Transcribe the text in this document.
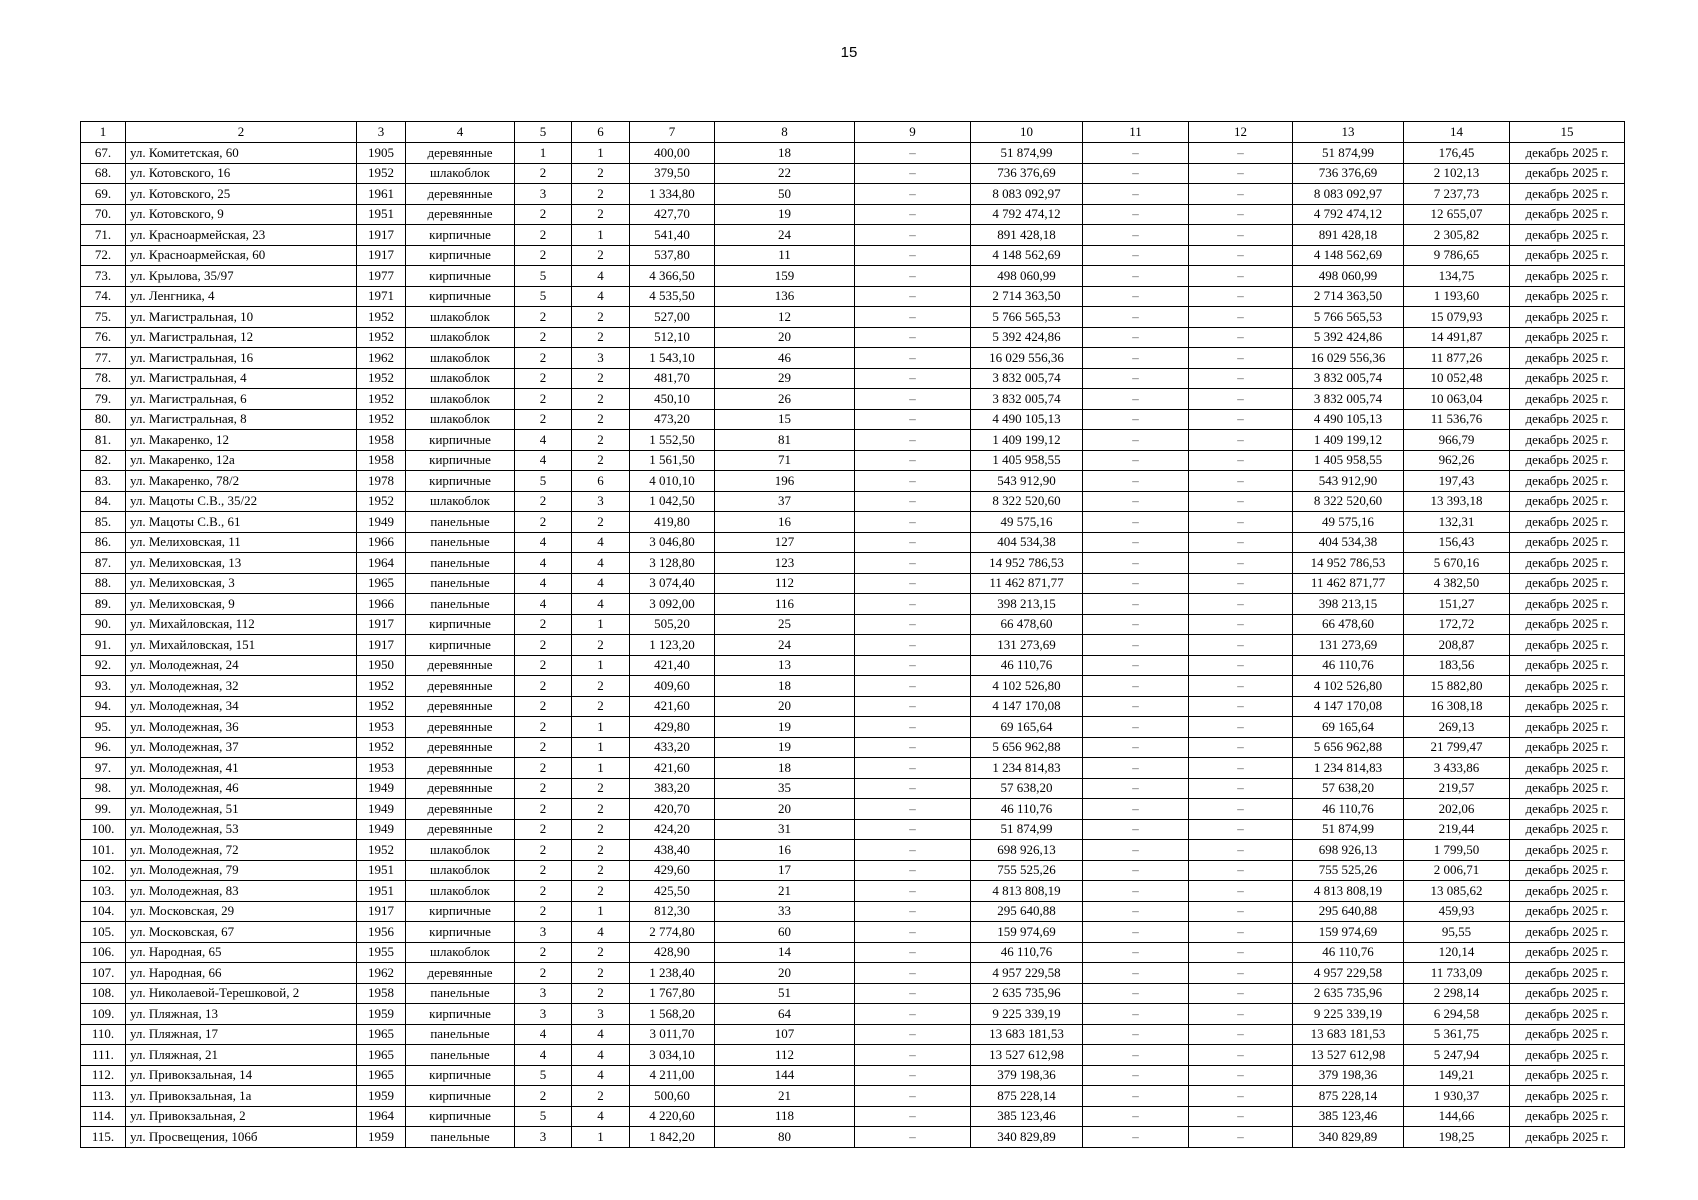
15
1	2	3	4	5	6	7	8	9	10	11	12	13	14	15
67.	ул. Комитетская, 60	1905	деревянные	1	1	400,00	18	–	51 874,99	–	–	51 874,99	176,45	декабрь 2025 г.
68.	ул. Котовского, 16	1952	шлакоблок	2	2	379,50	22	–	736 376,69	–	–	736 376,69	2 102,13	декабрь 2025 г.
69.	ул. Котовского, 25	1961	деревянные	3	2	1 334,80	50	–	8 083 092,97	–	–	8 083 092,97	7 237,73	декабрь 2025 г.
70.	ул. Котовского, 9	1951	деревянные	2	2	427,70	19	–	4 792 474,12	–	–	4 792 474,12	12 655,07	декабрь 2025 г.
71.	ул. Красноармейская, 23	1917	кирпичные	2	1	541,40	24	–	891 428,18	–	–	891 428,18	2 305,82	декабрь 2025 г.
72.	ул. Красноармейская, 60	1917	кирпичные	2	2	537,80	11	–	4 148 562,69	–	–	4 148 562,69	9 786,65	декабрь 2025 г.
73.	ул. Крылова, 35/97	1977	кирпичные	5	4	4 366,50	159	–	498 060,99	–	–	498 060,99	134,75	декабрь 2025 г.
74.	ул. Ленгника, 4	1971	кирпичные	5	4	4 535,50	136	–	2 714 363,50	–	–	2 714 363,50	1 193,60	декабрь 2025 г.
75.	ул. Магистральная, 10	1952	шлакоблок	2	2	527,00	12	–	5 766 565,53	–	–	5 766 565,53	15 079,93	декабрь 2025 г.
76.	ул. Магистральная, 12	1952	шлакоблок	2	2	512,10	20	–	5 392 424,86	–	–	5 392 424,86	14 491,87	декабрь 2025 г.
77.	ул. Магистральная, 16	1962	шлакоблок	2	3	1 543,10	46	–	16 029 556,36	–	–	16 029 556,36	11 877,26	декабрь 2025 г.
78.	ул. Магистральная, 4	1952	шлакоблок	2	2	481,70	29	–	3 832 005,74	–	–	3 832 005,74	10 052,48	декабрь 2025 г.
79.	ул. Магистральная, 6	1952	шлакоблок	2	2	450,10	26	–	3 832 005,74	–	–	3 832 005,74	10 063,04	декабрь 2025 г.
80.	ул. Магистральная, 8	1952	шлакоблок	2	2	473,20	15	–	4 490 105,13	–	–	4 490 105,13	11 536,76	декабрь 2025 г.
81.	ул. Макаренко, 12	1958	кирпичные	4	2	1 552,50	81	–	1 409 199,12	–	–	1 409 199,12	966,79	декабрь 2025 г.
82.	ул. Макаренко, 12а	1958	кирпичные	4	2	1 561,50	71	–	1 405 958,55	–	–	1 405 958,55	962,26	декабрь 2025 г.
83.	ул. Макаренко, 78/2	1978	кирпичные	5	6	4 010,10	196	–	543 912,90	–	–	543 912,90	197,43	декабрь 2025 г.
84.	ул. Мацоты С.В., 35/22	1952	шлакоблок	2	3	1 042,50	37	–	8 322 520,60	–	–	8 322 520,60	13 393,18	декабрь 2025 г.
85.	ул. Мацоты С.В., 61	1949	панельные	2	2	419,80	16	–	49 575,16	–	–	49 575,16	132,31	декабрь 2025 г.
86.	ул. Мелиховская, 11	1966	панельные	4	4	3 046,80	127	–	404 534,38	–	–	404 534,38	156,43	декабрь 2025 г.
87.	ул. Мелиховская, 13	1964	панельные	4	4	3 128,80	123	–	14 952 786,53	–	–	14 952 786,53	5 670,16	декабрь 2025 г.
88.	ул. Мелиховская, 3	1965	панельные	4	4	3 074,40	112	–	11 462 871,77	–	–	11 462 871,77	4 382,50	декабрь 2025 г.
89.	ул. Мелиховская, 9	1966	панельные	4	4	3 092,00	116	–	398 213,15	–	–	398 213,15	151,27	декабрь 2025 г.
90.	ул. Михайловская, 112	1917	кирпичные	2	1	505,20	25	–	66 478,60	–	–	66 478,60	172,72	декабрь 2025 г.
91.	ул. Михайловская, 151	1917	кирпичные	2	2	1 123,20	24	–	131 273,69	–	–	131 273,69	208,87	декабрь 2025 г.
92.	ул. Молодежная, 24	1950	деревянные	2	1	421,40	13	–	46 110,76	–	–	46 110,76	183,56	декабрь 2025 г.
93.	ул. Молодежная, 32	1952	деревянные	2	2	409,60	18	–	4 102 526,80	–	–	4 102 526,80	15 882,80	декабрь 2025 г.
94.	ул. Молодежная, 34	1952	деревянные	2	2	421,60	20	–	4 147 170,08	–	–	4 147 170,08	16 308,18	декабрь 2025 г.
95.	ул. Молодежная, 36	1953	деревянные	2	1	429,80	19	–	69 165,64	–	–	69 165,64	269,13	декабрь 2025 г.
96.	ул. Молодежная, 37	1952	деревянные	2	1	433,20	19	–	5 656 962,88	–	–	5 656 962,88	21 799,47	декабрь 2025 г.
97.	ул. Молодежная, 41	1953	деревянные	2	1	421,60	18	–	1 234 814,83	–	–	1 234 814,83	3 433,86	декабрь 2025 г.
98.	ул. Молодежная, 46	1949	деревянные	2	2	383,20	35	–	57 638,20	–	–	57 638,20	219,57	декабрь 2025 г.
99.	ул. Молодежная, 51	1949	деревянные	2	2	420,70	20	–	46 110,76	–	–	46 110,76	202,06	декабрь 2025 г.
100.	ул. Молодежная, 53	1949	деревянные	2	2	424,20	31	–	51 874,99	–	–	51 874,99	219,44	декабрь 2025 г.
101.	ул. Молодежная, 72	1952	шлакоблок	2	2	438,40	16	–	698 926,13	–	–	698 926,13	1 799,50	декабрь 2025 г.
102.	ул. Молодежная, 79	1951	шлакоблок	2	2	429,60	17	–	755 525,26	–	–	755 525,26	2 006,71	декабрь 2025 г.
103.	ул. Молодежная, 83	1951	шлакоблок	2	2	425,50	21	–	4 813 808,19	–	–	4 813 808,19	13 085,62	декабрь 2025 г.
104.	ул. Московская, 29	1917	кирпичные	2	1	812,30	33	–	295 640,88	–	–	295 640,88	459,93	декабрь 2025 г.
105.	ул. Московская, 67	1956	кирпичные	3	4	2 774,80	60	–	159 974,69	–	–	159 974,69	95,55	декабрь 2025 г.
106.	ул. Народная, 65	1955	шлакоблок	2	2	428,90	14	–	46 110,76	–	–	46 110,76	120,14	декабрь 2025 г.
107.	ул. Народная, 66	1962	деревянные	2	2	1 238,40	20	–	4 957 229,58	–	–	4 957 229,58	11 733,09	декабрь 2025 г.
108.	ул. Николаевой-Терешковой, 2	1958	панельные	3	2	1 767,80	51	–	2 635 735,96	–	–	2 635 735,96	2 298,14	декабрь 2025 г.
109.	ул. Пляжная, 13	1959	кирпичные	3	3	1 568,20	64	–	9 225 339,19	–	–	9 225 339,19	6 294,58	декабрь 2025 г.
110.	ул. Пляжная, 17	1965	панельные	4	4	3 011,70	107	–	13 683 181,53	–	–	13 683 181,53	5 361,75	декабрь 2025 г.
111.	ул. Пляжная, 21	1965	панельные	4	4	3 034,10	112	–	13 527 612,98	–	–	13 527 612,98	5 247,94	декабрь 2025 г.
112.	ул. Привокзальная, 14	1965	кирпичные	5	4	4 211,00	144	–	379 198,36	–	–	379 198,36	149,21	декабрь 2025 г.
113.	ул. Привокзальная, 1а	1959	кирпичные	2	2	500,60	21	–	875 228,14	–	–	875 228,14	1 930,37	декабрь 2025 г.
114.	ул. Привокзальная, 2	1964	кирпичные	5	4	4 220,60	118	–	385 123,46	–	–	385 123,46	144,66	декабрь 2025 г.
115.	ул. Просвещения, 106б	1959	панельные	3	1	1 842,20	80	–	340 829,89	–	–	340 829,89	198,25	декабрь 2025 г.
